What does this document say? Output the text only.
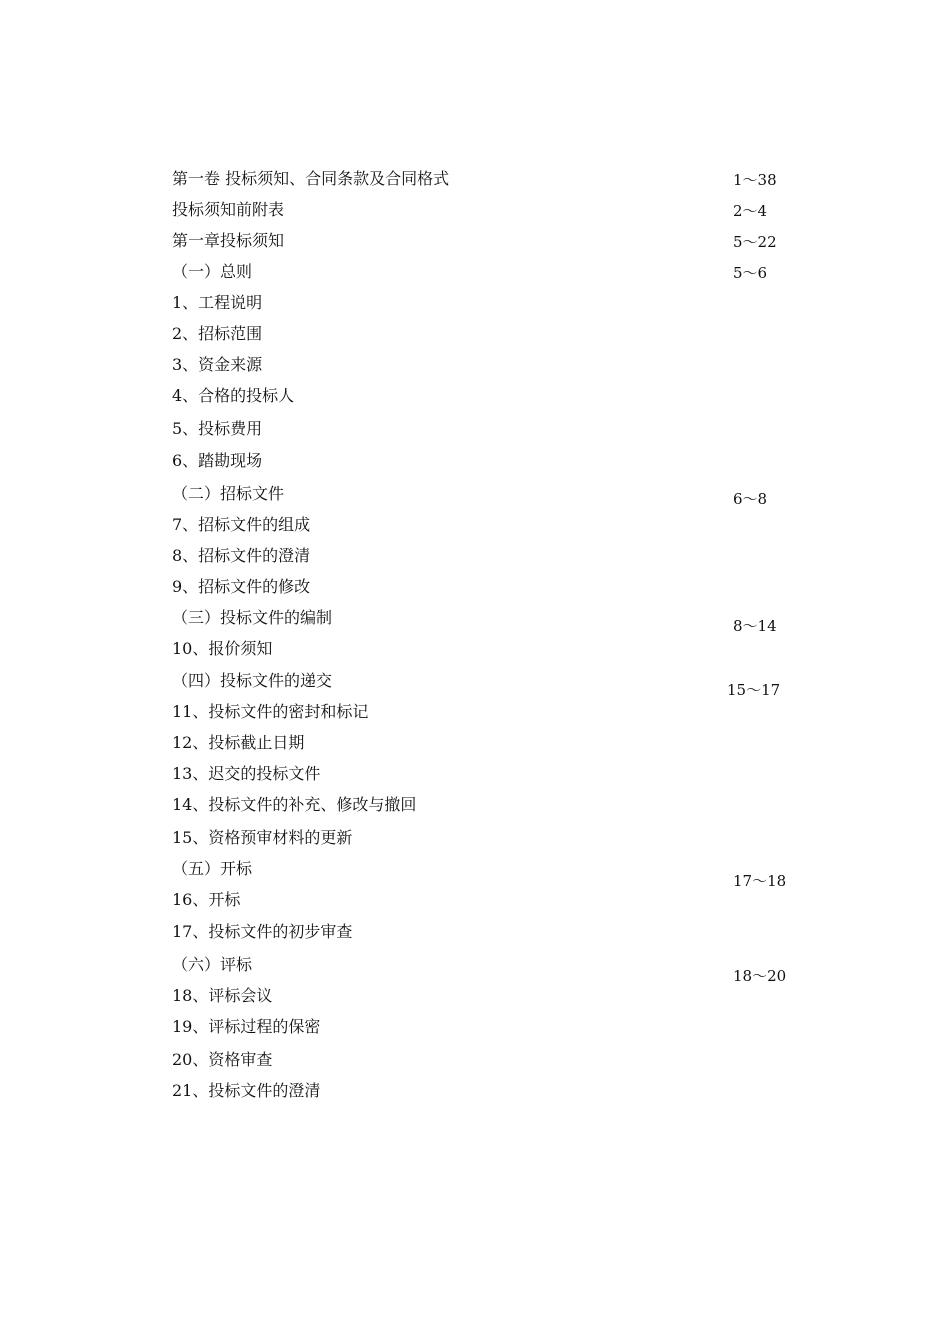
第一卷 投标须知、合同条款及合同格式
投标须知前附表
第一章投标须知
（一）总则
1、工程说明
2、招标范围
3、资金来源
4、合格的投标人
5、投标费用
6、踏勘现场
（二）招标文件
7、招标文件的组成
8、招标文件的澄清
9、招标文件的修改
（三）投标文件的编制
10、报价须知
（四）投标文件的递交
11、投标文件的密封和标记
12、投标截止日期
13、迟交的投标文件
14、投标文件的补充、修改与撤回
15、资格预审材料的更新
（五）开标
16、开标
17、投标文件的初步审查
（六）评标
18、评标会议
19、评标过程的保密
20、资格审查
21、投标文件的澄清
1〜38
2〜4
5〜22
5〜6
6〜8
8〜14
15〜17
17〜18
18〜20
